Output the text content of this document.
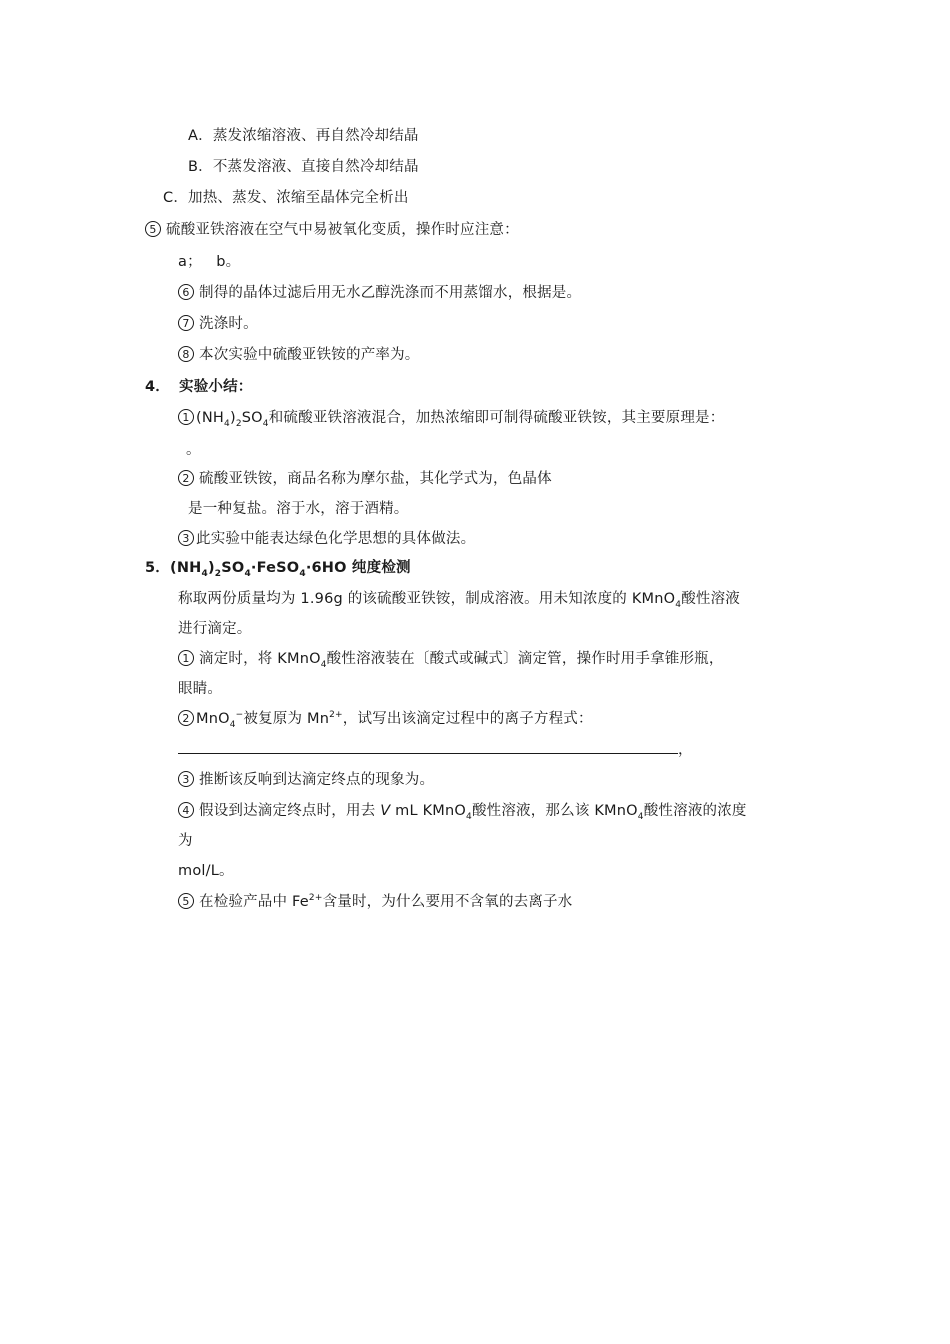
A．蒸发浓缩溶液、再自然冷却结晶
B．不蒸发溶液、直接自然冷却结晶
C．加热、蒸发、浓缩至晶体完全析出
5 硫酸亚铁溶液在空气中易被氧化变质，操作时应注意：
a；   b。
6 制得的晶体过滤后用无水乙醇洗涤而不用蒸馏水，根据是。
7 洗涤时。
8 本次实验中硫酸亚铁铵的产率为。
4． 实验小结：
1 $(NH_4)_2SO_4$和硫酸亚铁溶液混合，加热浓缩即可制得硫酸亚铁铵，其主要原理是：
。
2 硫酸亚铁铵，商品名称为摩尔盐，其化学式为，色晶体
是一种复盐。溶于水，溶于酒精。
3 此实验中能表达绿色化学思想的具体做法。
5．$(NH_4)_2SO_4\cdot FeSO_4\cdot 6HO$ 纯度检测
称取两份质量均为 1.96g 的该硫酸亚铁铵，制成溶液。用未知浓度的 KMnO$_4$酸性溶液
进行滴定。
1 滴定时，将 KMnO$_4$酸性溶液装在〔酸式或碱式〕滴定管，操作时用手拿锥形瓶，
眼睛。
2 MnO$_4$−被复原为 $Mn^{2+}$，试写出该滴定过程中的离子方程式：
，
3 推断该反响到达滴定终点的现象为。
4 假设到达滴定终点时，用去 V mL KMnO$_4$酸性溶液，那么该 KMnO$_4$酸性溶液的浓度
为
mol/L。
5 在检验产品中 $Fe^{2+}$含量时，为什么要用不含氧的去离子水
